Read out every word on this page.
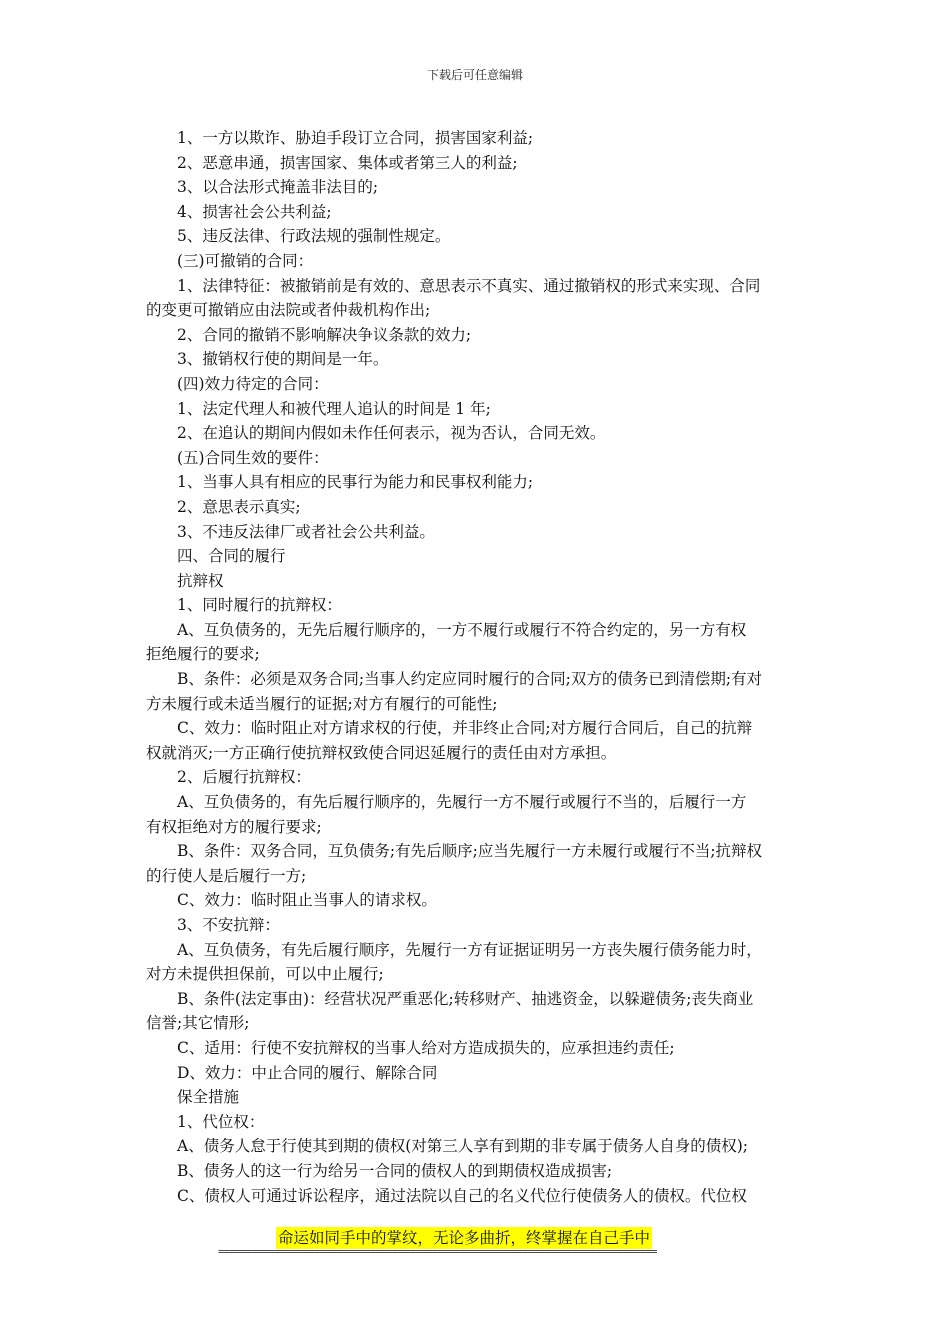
下载后可任意编辑
1、一方以欺诈、胁迫手段订立合同，损害国家利益;
2、恶意串通，损害国家、集体或者第三人的利益;
3、以合法形式掩盖非法目的;
4、损害社会公共利益;
5、违反法律、行政法规的强制性规定。
(三)可撤销的合同：
1、法律特征：被撤销前是有效的、意思表示不真实、通过撤销权的形式来实现、合同
的变更可撤销应由法院或者仲裁机构作出;
2、合同的撤销不影响解决争议条款的效力;
3、撤销权行使的期间是一年。
(四)效力待定的合同：
1、法定代理人和被代理人追认的时间是 1 年;
2、在追认的期间内假如未作任何表示，视为否认，合同无效。
(五)合同生效的要件：
1、当事人具有相应的民事行为能力和民事权利能力;
2、意思表示真实;
3、不违反法律厂或者社会公共利益。
四、合同的履行
抗辩权
1、同时履行的抗辩权：
A、互负债务的，无先后履行顺序的，一方不履行或履行不符合约定的，另一方有权
拒绝履行的要求;
B、条件：必须是双务合同;当事人约定应同时履行的合同;双方的债务已到清偿期;有对
方未履行或未适当履行的证据;对方有履行的可能性;
C、效力：临时阻止对方请求权的行使，并非终止合同;对方履行合同后，自己的抗辩
权就消灭;一方正确行使抗辩权致使合同迟延履行的责任由对方承担。
2、后履行抗辩权：
A、互负债务的，有先后履行顺序的，先履行一方不履行或履行不当的，后履行一方
有权拒绝对方的履行要求;
B、条件：双务合同，互负债务;有先后顺序;应当先履行一方未履行或履行不当;抗辩权
的行使人是后履行一方;
C、效力：临时阻止当事人的请求权。
3、不安抗辩：
A、互负债务，有先后履行顺序，先履行一方有证据证明另一方丧失履行债务能力时，
对方未提供担保前，可以中止履行;
B、条件(法定事由)：经营状况严重恶化;转移财产、抽逃资金，以躲避债务;丧失商业
信誉;其它情形;
C、适用：行使不安抗辩权的当事人给对方造成损失的，应承担违约责任;
D、效力：中止合同的履行、解除合同
保全措施
1、代位权：
A、债务人怠于行使其到期的债权(对第三人享有到期的非专属于债务人自身的债权);
B、债务人的这一行为给另一合同的债权人的到期债权造成损害;
C、债权人可通过诉讼程序，通过法院以自己的名义代位行使债务人的债权。代位权
命运如同手中的掌纹，无论多曲折，终掌握在自己手中
==============================================================================
